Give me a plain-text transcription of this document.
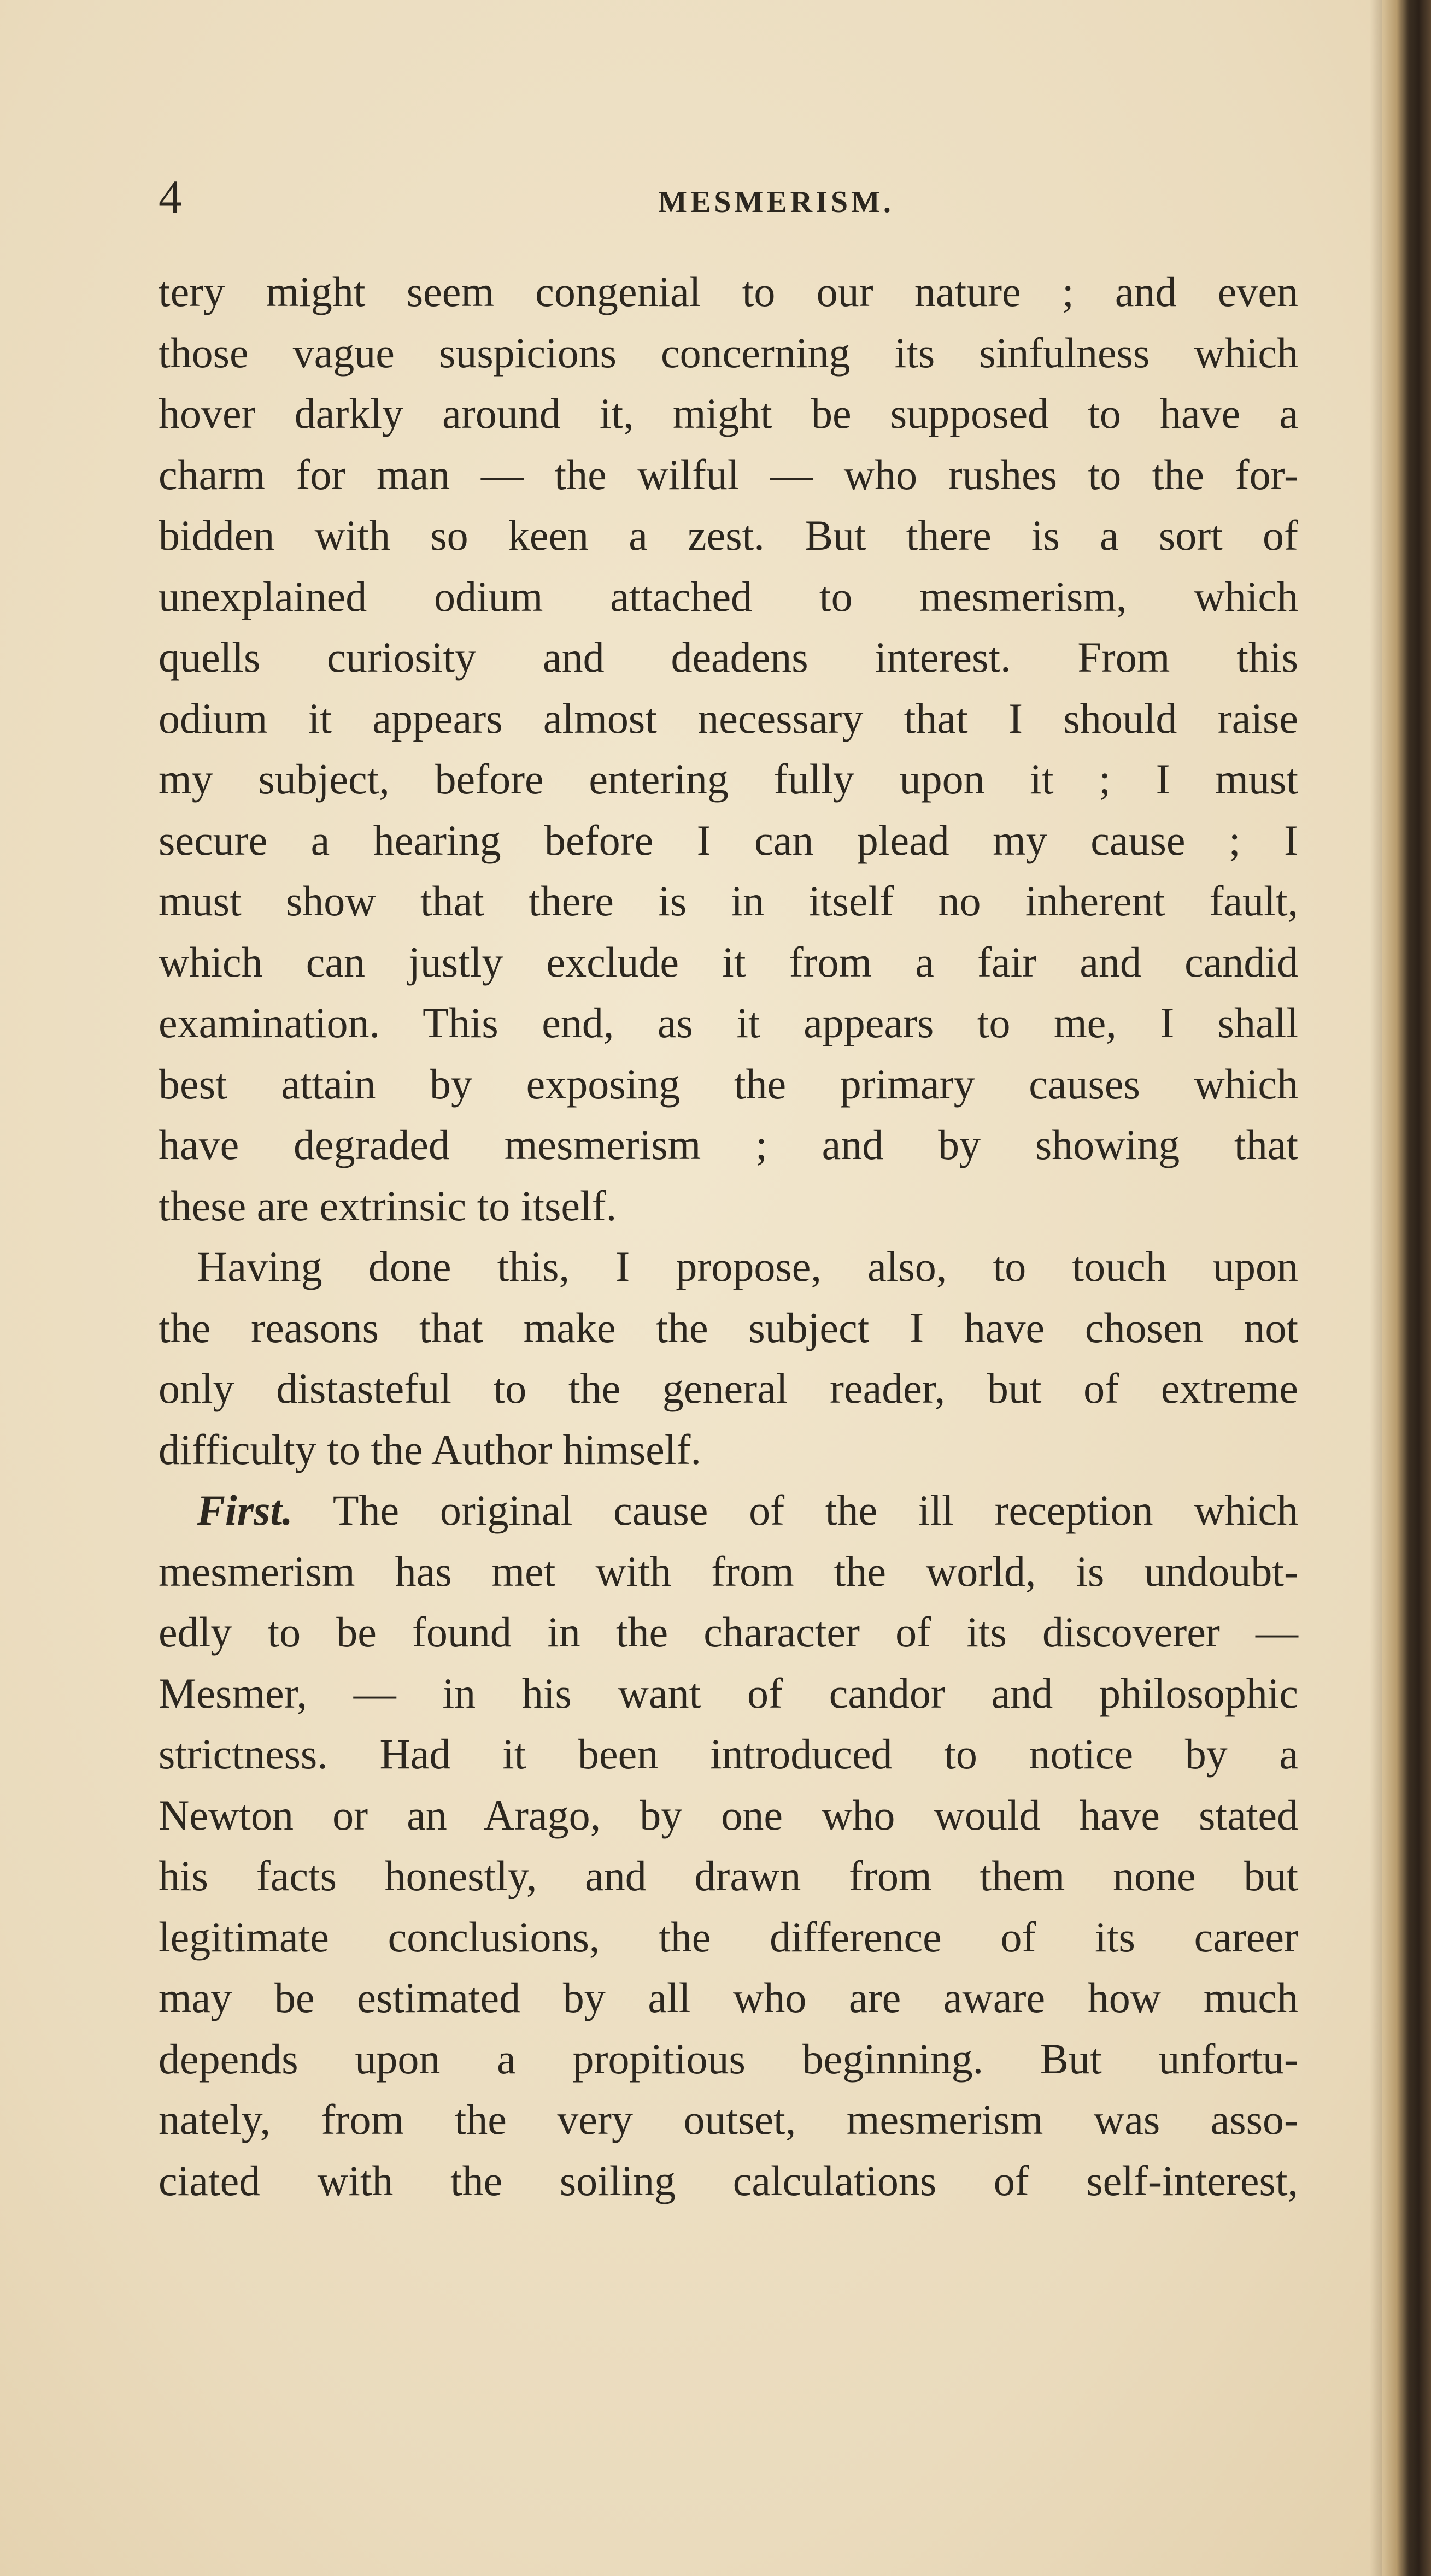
4	MESMERISM.
tery might seem congenial to our nature ; and even
those vague suspicions concerning its sinfulness which
hover darkly around it, might be supposed to have a
charm for man — the wilful — who rushes to the for-
bidden with so keen a zest. But there is a sort of
unexplained odium attached to mesmerism, which
quells curiosity and deadens interest. From this
odium it appears almost necessary that I should raise
my subject, before entering fully upon it ; I must
secure a hearing before I can plead my cause ; I
must show that there is in itself no inherent fault,
which can justly exclude it from a fair and candid
examination. This end, as it appears to me, I shall
best attain by exposing the primary causes which
have degraded mesmerism ; and by showing that
these are extrinsic to itself.
Having done this, I propose, also, to touch upon
the reasons that make the subject I have chosen not
only distasteful to the general reader, but of extreme
difficulty to the Author himself.
First. The original cause of the ill reception which
mesmerism has met with from the world, is undoubt-
edly to be found in the character of its discoverer —
Mesmer, — in his want of candor and philosophic
strictness. Had it been introduced to notice by a
Newton or an Arago, by one who would have stated
his facts honestly, and drawn from them none but
legitimate conclusions, the difference of its career
may be estimated by all who are aware how much
depends upon a propitious beginning. But unfortu-
nately, from the very outset, mesmerism was asso-
ciated with the soiling calculations of self-interest,
